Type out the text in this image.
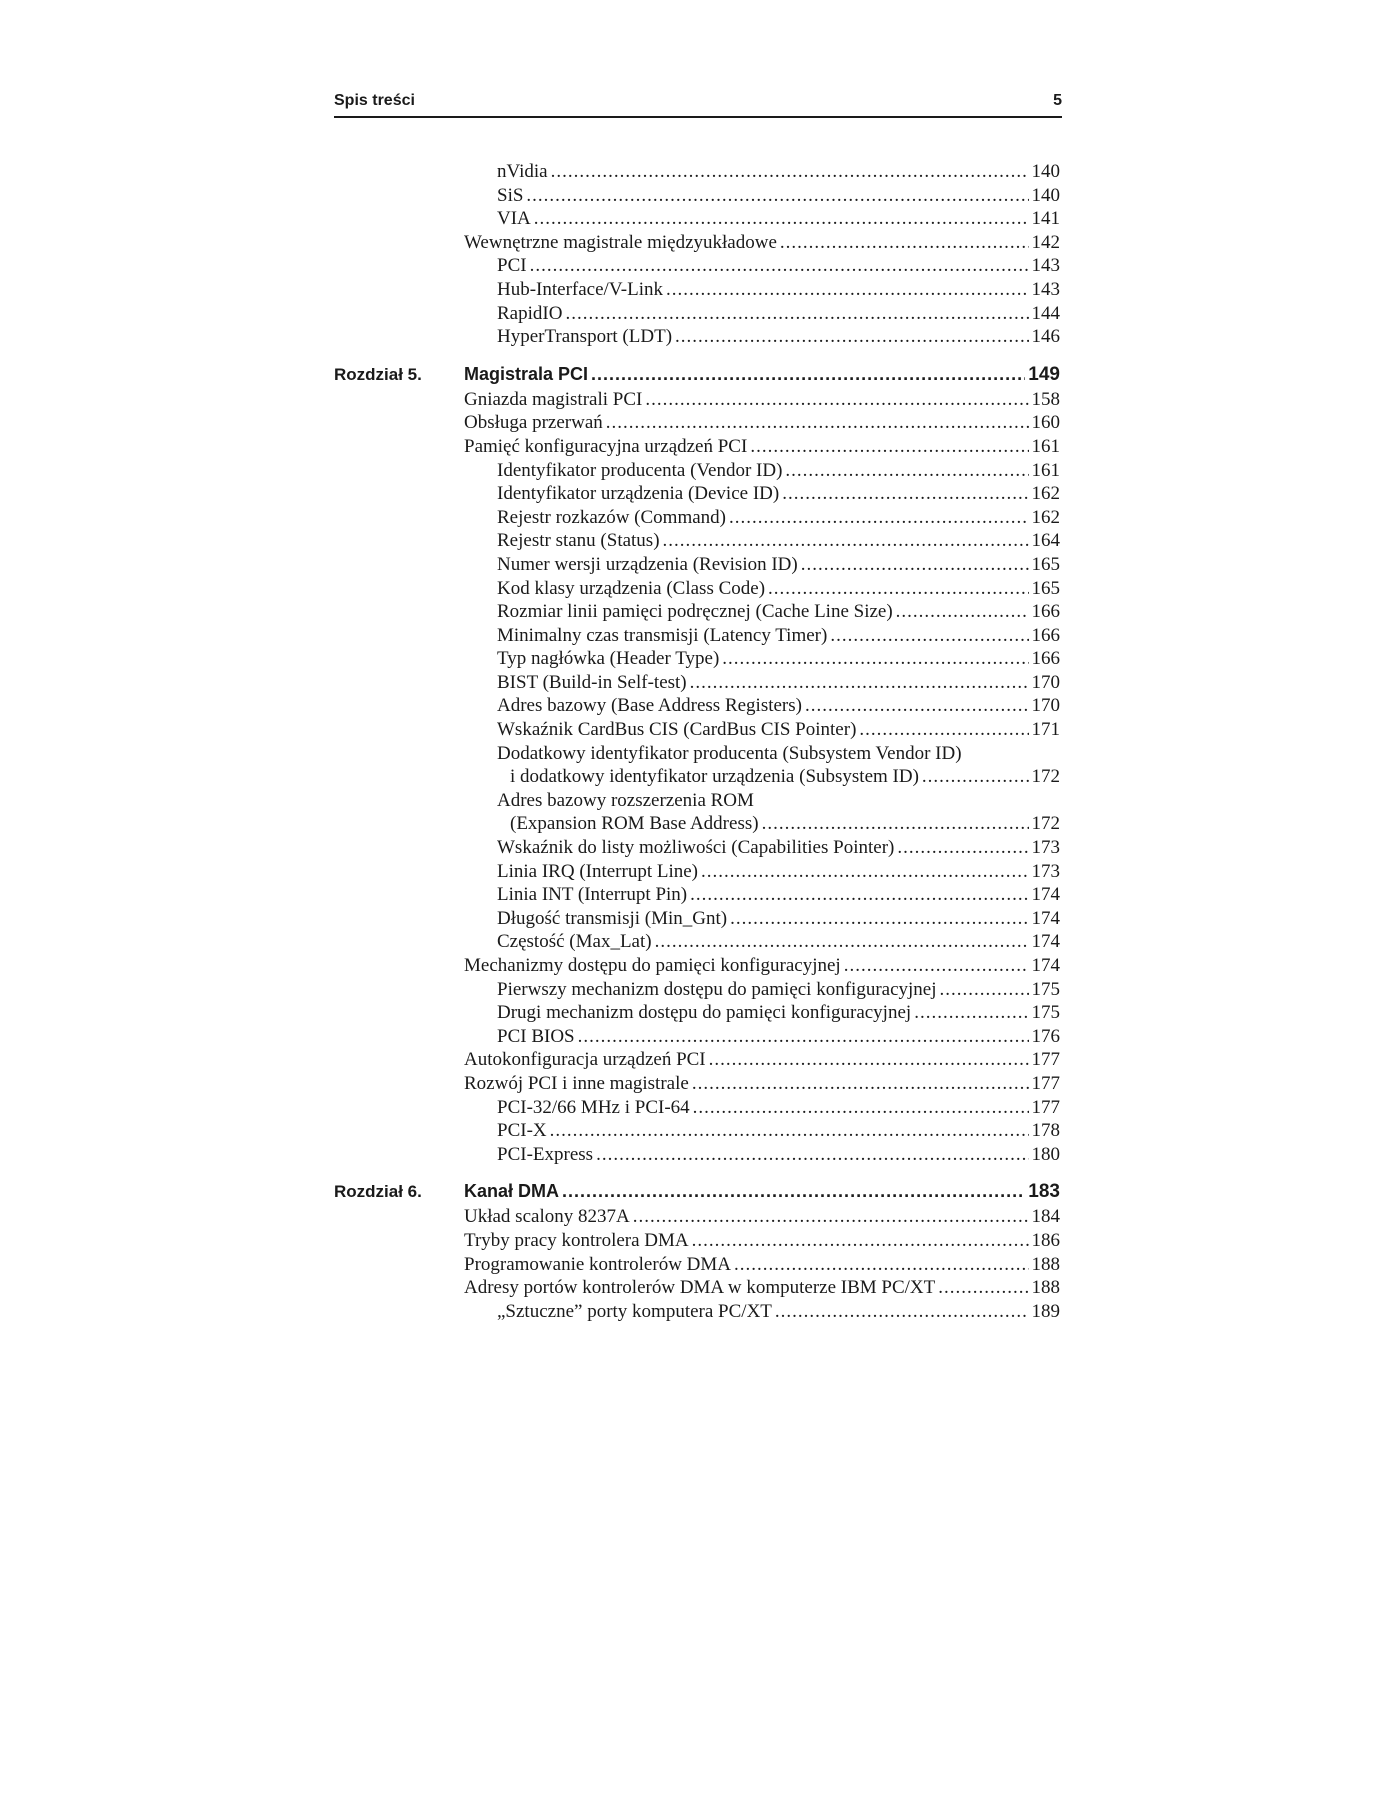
Spis treści	5
nVidia .....	140
SiS .....	140
VIA .....	141
Wewnętrzne magistrale międzyukładowe .....	142
PCI .....	143
Hub-Interface/V-Link .....	143
RapidIO .....	144
HyperTransport (LDT) .....	146
Rozdział 5. Magistrala PCI .....	149
Gniazda magistrali PCI .....	158
Obsługa przerwań .....	160
Pamięć konfiguracyjna urządzeń PCI .....	161
Identyfikator producenta (Vendor ID) .....	161
Identyfikator urządzenia (Device ID) .....	162
Rejestr rozkazów (Command) .....	162
Rejestr stanu (Status) .....	164
Numer wersji urządzenia (Revision ID) .....	165
Kod klasy urządzenia (Class Code) .....	165
Rozmiar linii pamięci podręcznej (Cache Line Size) .....	166
Minimalny czas transmisji (Latency Timer) .....	166
Typ nagłówka (Header Type) .....	166
BIST (Build-in Self-test) .....	170
Adres bazowy (Base Address Registers) .....	170
Wskaźnik CardBus CIS (CardBus CIS Pointer) .....	171
Dodatkowy identyfikator producenta (Subsystem Vendor ID)
i dodatkowy identyfikator urządzenia (Subsystem ID) .....	172
Adres bazowy rozszerzenia ROM
(Expansion ROM Base Address) .....	172
Wskaźnik do listy możliwości (Capabilities Pointer) .....	173
Linia IRQ (Interrupt Line) .....	173
Linia INT (Interrupt Pin) .....	174
Długość transmisji (Min_Gnt) .....	174
Częstość (Max_Lat) .....	174
Mechanizmy dostępu do pamięci konfiguracyjnej .....	174
Pierwszy mechanizm dostępu do pamięci konfiguracyjnej .....	175
Drugi mechanizm dostępu do pamięci konfiguracyjnej .....	175
PCI BIOS .....	176
Autokonfiguracja urządzeń PCI .....	177
Rozwój PCI i inne magistrale .....	177
PCI-32/66 MHz i PCI-64 .....	177
PCI-X .....	178
PCI-Express .....	180
Rozdział 6. Kanał DMA .....	183
Układ scalony 8237A .....	184
Tryby pracy kontrolera DMA .....	186
Programowanie kontrolerów DMA .....	188
Adresy portów kontrolerów DMA w komputerze IBM PC/XT .....	188
„Sztuczne” porty komputera PC/XT .....	189
